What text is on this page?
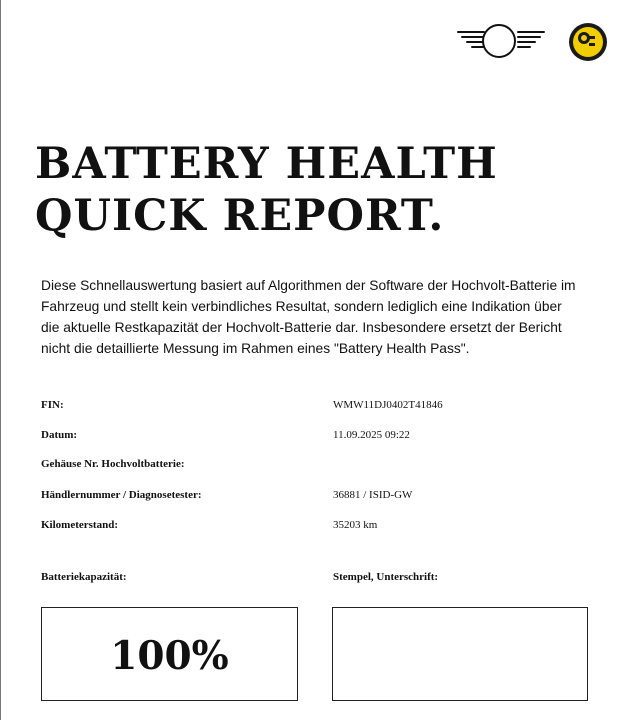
BATTERY HEALTH
QUICK REPORT.

Diese Schnellauswertung basiert auf Algorithmen der Software der Hochvolt-Batterie im Fahrzeug und stellt kein verbindliches Resultat, sondern lediglich eine Indikation über die aktuelle Restkapazität der Hochvolt-Batterie dar. Insbesondere ersetzt der Bericht nicht die detaillierte Messung im Rahmen eines "Battery Health Pass".

FIN:	WMW11DJ0402T41846
Datum:	11.09.2025 09:22
Gehäuse Nr. Hochvoltbatterie:
Händlernummer / Diagnosetester:	36881 / ISID-GW
Kilometerstand:	35203 km
Batteriekapazität:	Stempel, Unterschrift:
100%
